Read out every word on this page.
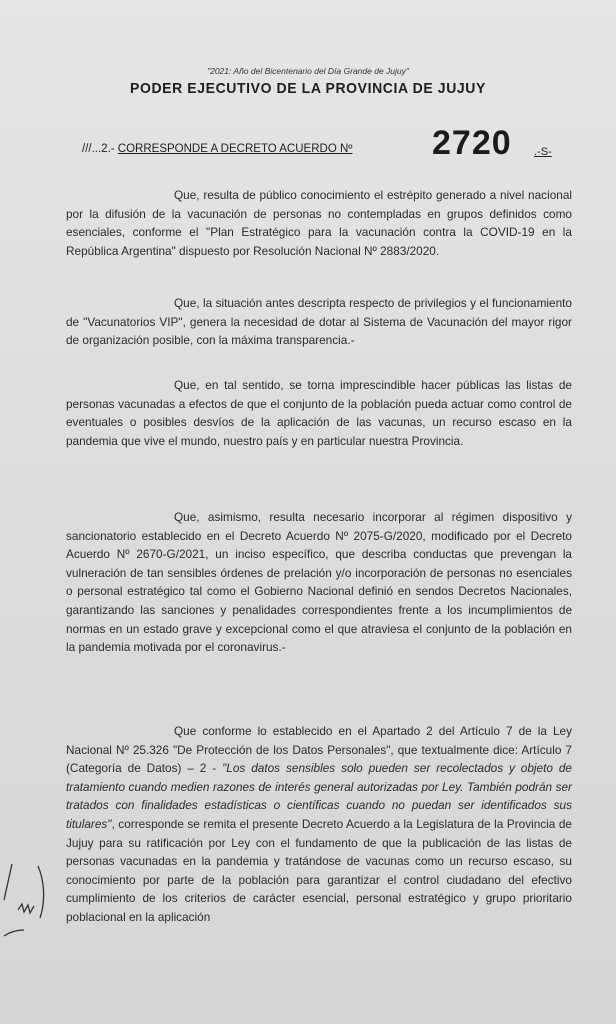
"2021: Año del Bicentenario del Día Grande de Jujuy"
PODER EJECUTIVO DE LA PROVINCIA DE JUJUY
///...2.- CORRESPONDE A DECRETO ACUERDO Nº 2720 .-S-

Que, resulta de público conocimiento el estrépito generado a nivel nacional por la difusión de la vacunación de personas no contempladas en grupos definidos como esenciales, conforme el "Plan Estratégico para la vacunación contra la COVID-19 en la República Argentina" dispuesto por Resolución Nacional Nº 2883/2020.

Que, la situación antes descripta respecto de privilegios y el funcionamiento de "Vacunatorios VIP", genera la necesidad de dotar al Sistema de Vacunación del mayor rigor de organización posible, con la máxima transparencia.-

Que, en tal sentido, se torna imprescindible hacer públicas las listas de personas vacunadas a efectos de que el conjunto de la población pueda actuar como control de eventuales o posibles desvíos de la aplicación de las vacunas, un recurso escaso en la pandemia que vive el mundo, nuestro país y en particular nuestra Provincia.

Que, asimismo, resulta necesario incorporar al régimen dispositivo y sancionatorio establecido en el Decreto Acuerdo Nº 2075-G/2020, modificado por el Decreto Acuerdo Nº 2670-G/2021, un inciso específico, que describa conductas que prevengan la vulneración de tan sensibles órdenes de prelación y/o incorporación de personas no esenciales o personal estratégico tal como el Gobierno Nacional definió en sendos Decretos Nacionales, garantizando las sanciones y penalidades correspondientes frente a los incumplimientos de normas en un estado grave y excepcional como el que atraviesa el conjunto de la población en la pandemia motivada por el coronavirus.-

Que conforme lo establecido en el Apartado 2 del Artículo 7 de la Ley Nacional Nº 25.326 "De Protección de los Datos Personales", que textualmente dice: Artículo 7 (Categoría de Datos) – 2 - "Los datos sensibles solo pueden ser recolectados y objeto de tratamiento cuando medien razones de interés general autorizadas por Ley. También podrán ser tratados con finalidades estadísticas o científicas cuando no puedan ser identificados sus titulares", corresponde se remita el presente Decreto Acuerdo a la Legislatura de la Provincia de Jujuy para su ratificación por Ley con el fundamento de que la publicación de las listas de personas vacunadas en la pandemia y tratándose de vacunas como un recurso escaso, su conocimiento por parte de la población para garantizar el control ciudadano del efectivo cumplimiento de los criterios de carácter esencial, personal estratégico y grupo prioritario poblacional en la aplicación
